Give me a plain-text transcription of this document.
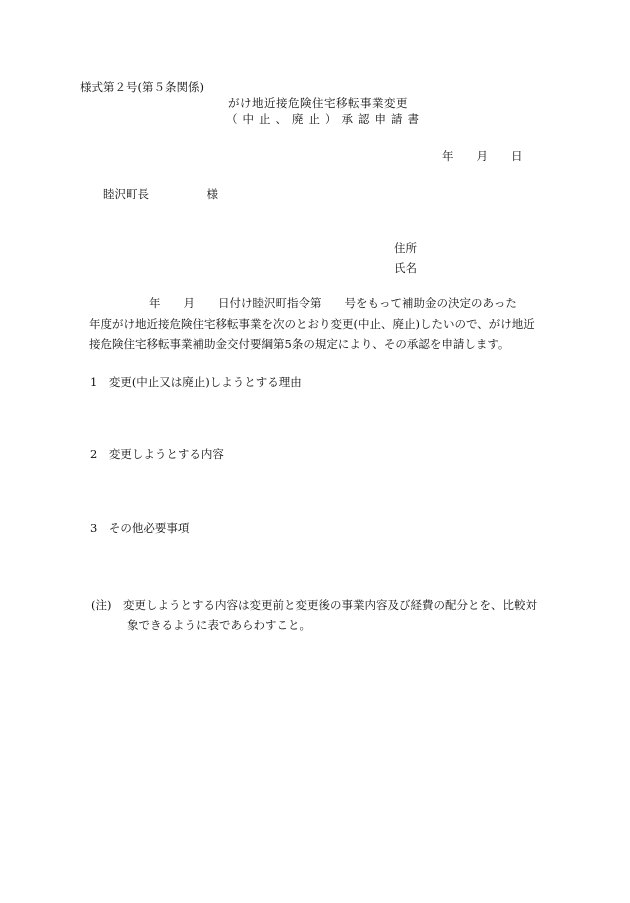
様式第２号(第５条関係)
がけ地近接危険住宅移転事業変更
（中止、廃止）承認申請書
年　　月　　日
睦沢町長　　　　　様
住所
氏名
年　　月　　日付け睦沢町指令第　　号をもって補助金の決定のあった
年度がけ地近接危険住宅移転事業を次のとおり変更(中止、廃止)したいので、がけ地近
接危険住宅移転事業補助金交付要綱第5条の規定により、その承認を申請します。
1　変更(中止又は廃止)しようとする理由
2　変更しようとする内容
3　その他必要事項
(注)　変更しようとする内容は変更前と変更後の事業内容及び経費の配分とを、比較対
象できるように表であらわすこと。
